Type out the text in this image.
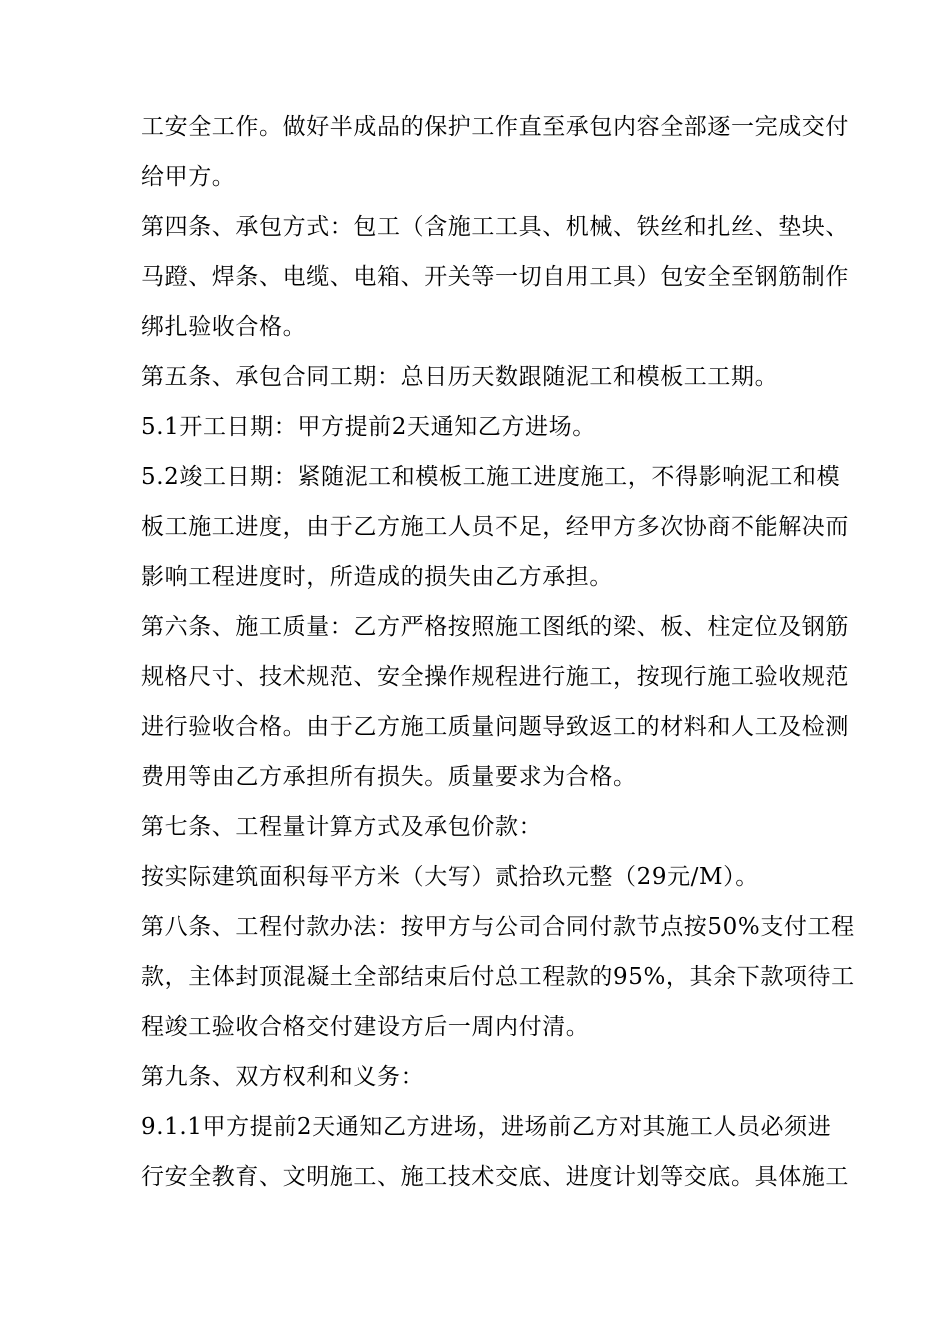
工安全工作。做好半成品的保护工作直至承包内容全部逐一完成交付
给甲方。
第四条、承包方式：包工（含施工工具、机械、铁丝和扎丝、垫块、
马蹬、焊条、电缆、电箱、开关等一切自用工具）包安全至钢筋制作
绑扎验收合格。
第五条、承包合同工期：总日历天数跟随泥工和模板工工期。
5.1开工日期：甲方提前2天通知乙方进场。
5.2竣工日期：紧随泥工和模板工施工进度施工，不得影响泥工和模
板工施工进度，由于乙方施工人员不足，经甲方多次协商不能解决而
影响工程进度时，所造成的损失由乙方承担。
第六条、施工质量：乙方严格按照施工图纸的梁、板、柱定位及钢筋
规格尺寸、技术规范、安全操作规程进行施工，按现行施工验收规范
进行验收合格。由于乙方施工质量问题导致返工的材料和人工及检测
费用等由乙方承担所有损失。质量要求为合格。
第七条、工程量计算方式及承包价款：
按实际建筑面积每平方米（大写）贰拾玖元整（29元/M）。
第八条、工程付款办法：按甲方与公司合同付款节点按50%支付工程
款，主体封顶混凝土全部结束后付总工程款的95%，其余下款项待工
程竣工验收合格交付建设方后一周内付清。
第九条、双方权利和义务：
9.1.1甲方提前2天通知乙方进场，进场前乙方对其施工人员必须进
行安全教育、文明施工、施工技术交底、进度计划等交底。具体施工
